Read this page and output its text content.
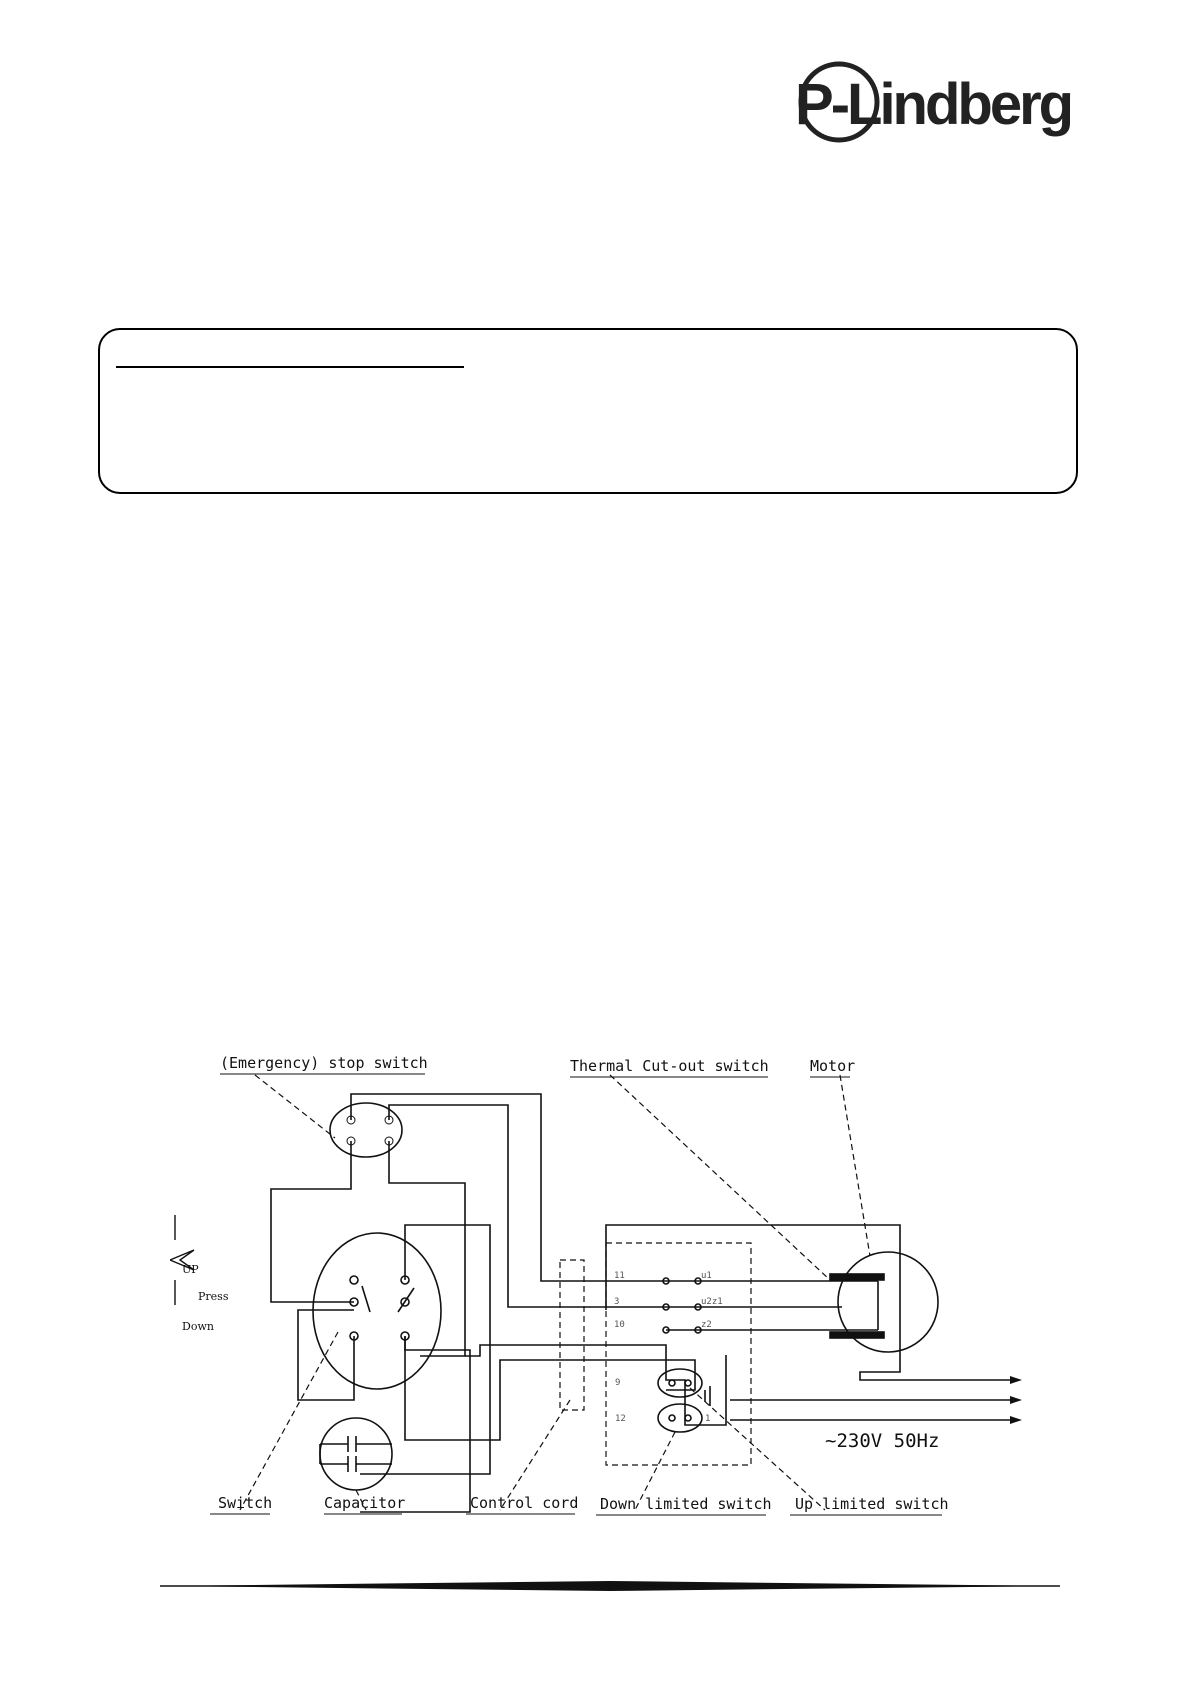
P-Lindberg
(Emergency) stop switch	Thermal Cut-out switch	Motor
Switch	Capacitor	Control cord Down limited switch Up limited switch
~230V 50Hz
UP
Press
Down
11
3
10
u1
u2z1
z2
9
12	1
